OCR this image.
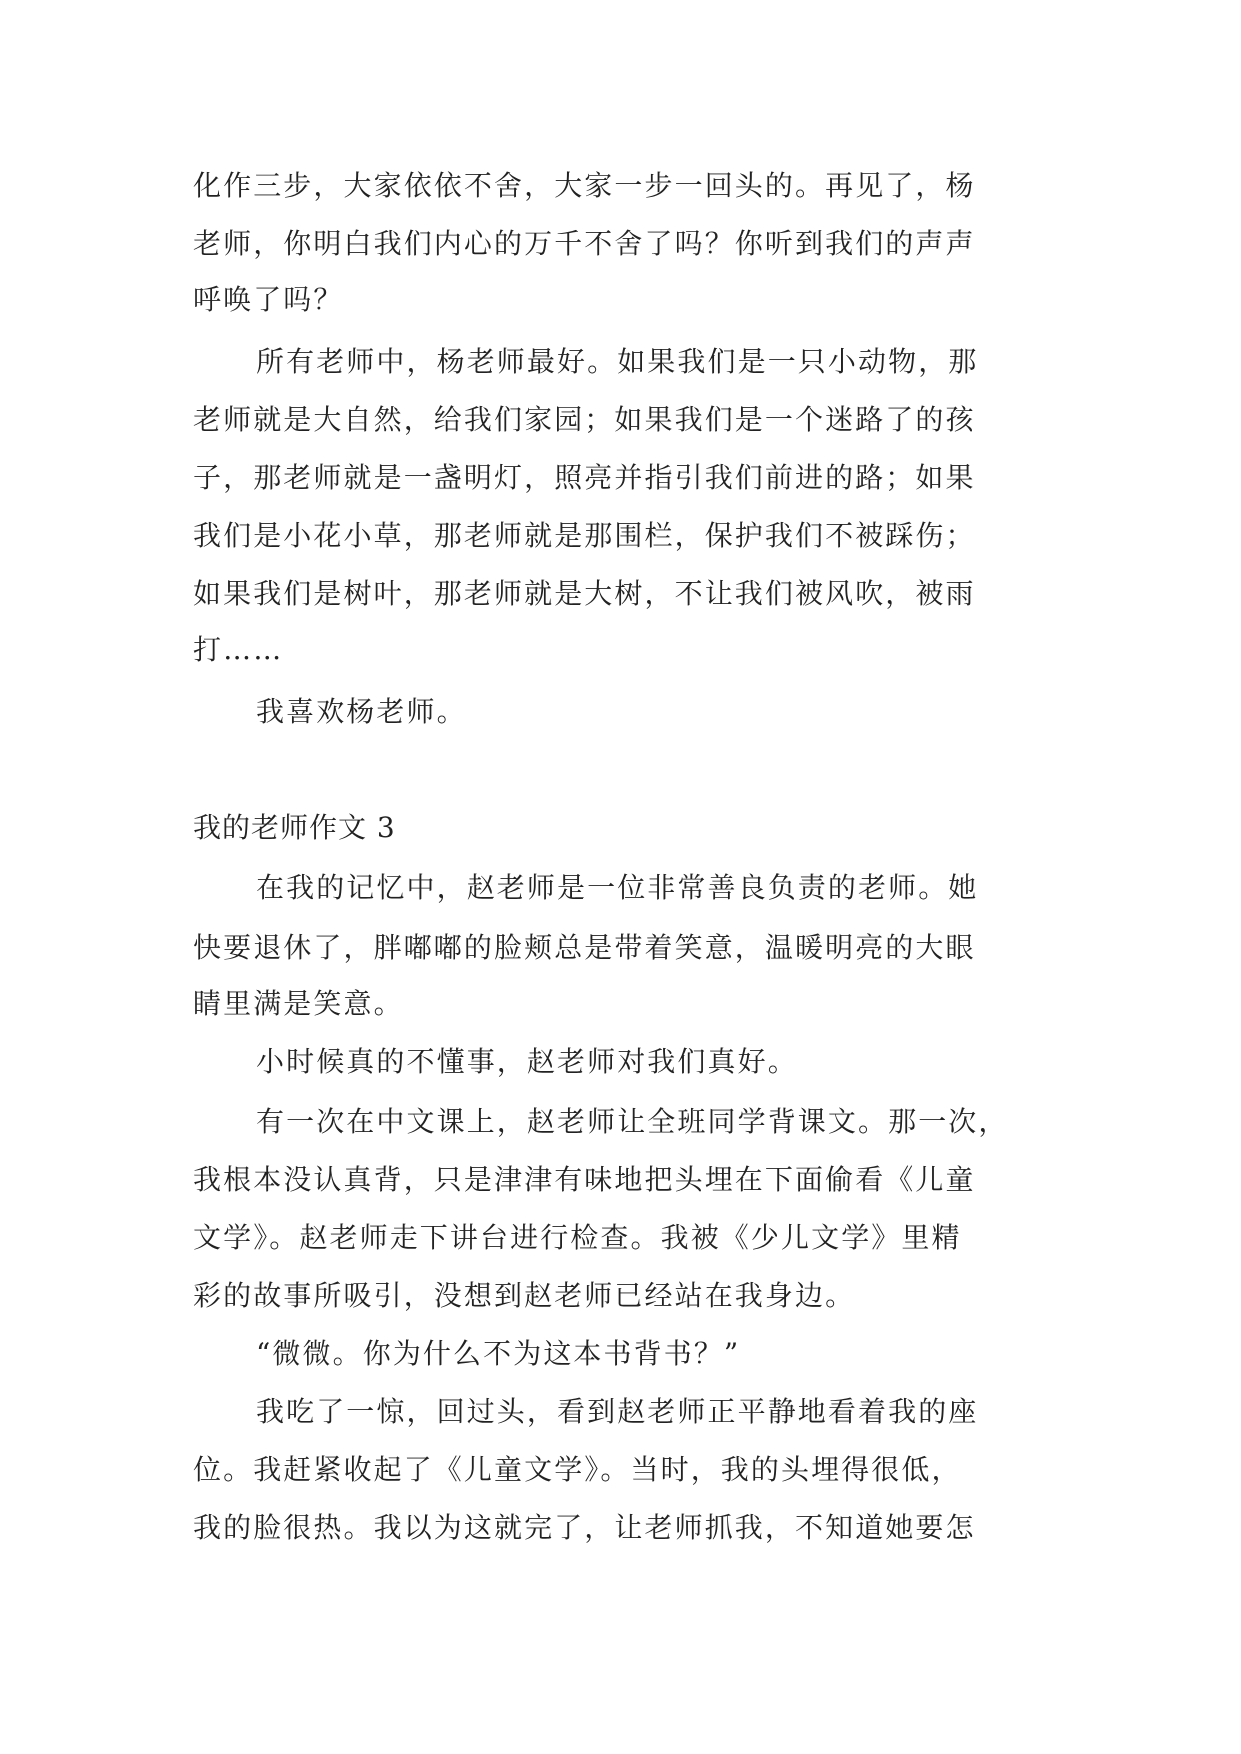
化作三步，大家依依不舍，大家一步一回头的。再见了，杨
老师，你明白我们内心的万千不舍了吗？你听到我们的声声
呼唤了吗？
所有老师中，杨老师最好。如果我们是一只小动物，那
老师就是大自然，给我们家园；如果我们是一个迷路了的孩
子，那老师就是一盏明灯，照亮并指引我们前进的路；如果
我们是小花小草，那老师就是那围栏，保护我们不被踩伤；
如果我们是树叶，那老师就是大树，不让我们被风吹，被雨
打……
我喜欢杨老师。
我的老师作文 3
在我的记忆中，赵老师是一位非常善良负责的老师。她
快要退休了，胖嘟嘟的脸颊总是带着笑意，温暖明亮的大眼
睛里满是笑意。
小时候真的不懂事，赵老师对我们真好。
有一次在中文课上，赵老师让全班同学背课文。那一次，
我根本没认真背，只是津津有味地把头埋在下面偷看《儿童
文学》。赵老师走下讲台进行检查。我被《少儿文学》里精
彩的故事所吸引，没想到赵老师已经站在我身边。
“微微。你为什么不为这本书背书？”
我吃了一惊，回过头，看到赵老师正平静地看着我的座
位。我赶紧收起了《儿童文学》。当时，我的头埋得很低，
我的脸很热。我以为这就完了，让老师抓我，不知道她要怎
